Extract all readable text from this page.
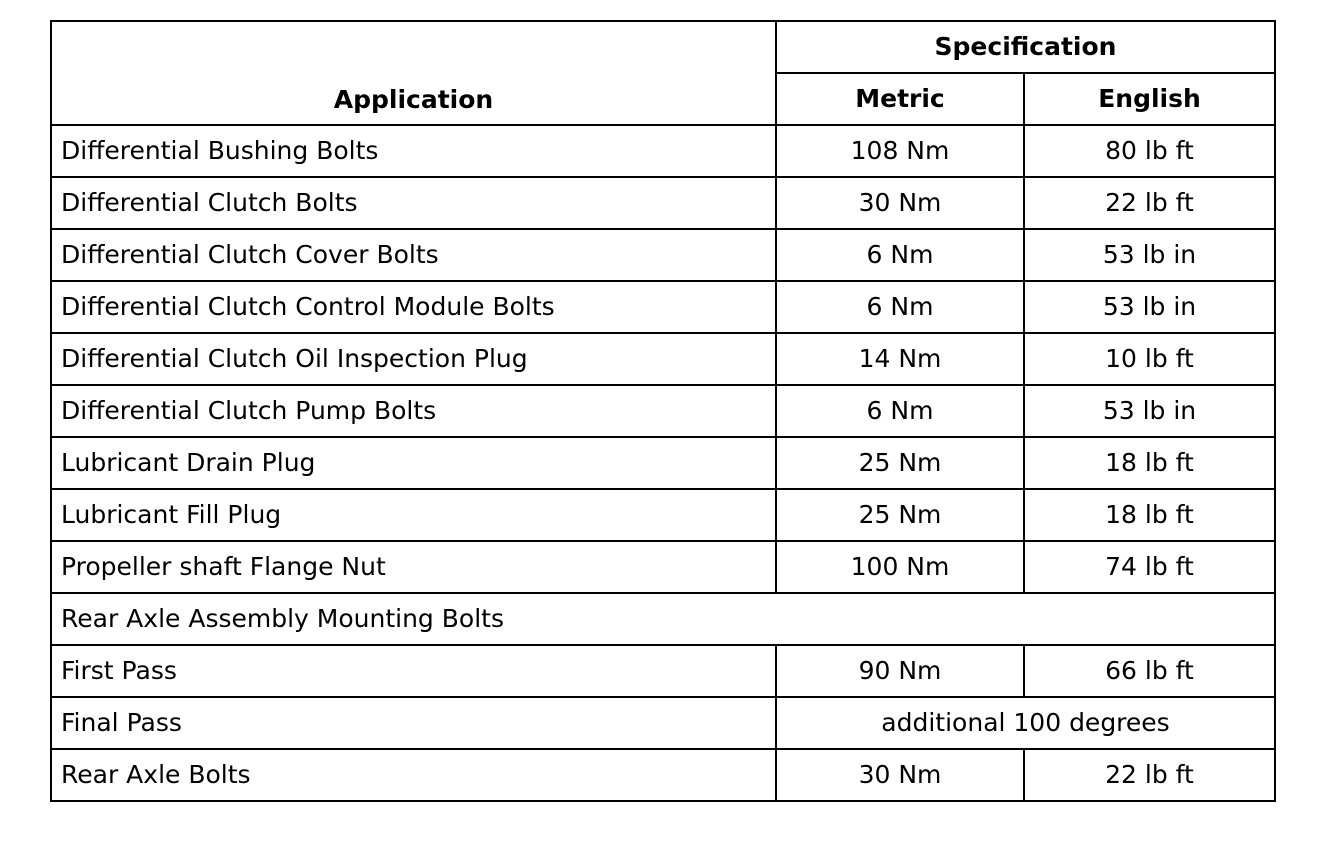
Application	Specification	
	Metric	English
Differential Bushing Bolts	108 Nm	80 lb ft
Differential Clutch Bolts	30 Nm	22 lb ft
Differential Clutch Cover Bolts	6 Nm	53 lb in
Differential Clutch Control Module Bolts	6 Nm	53 lb in
Differential Clutch Oil Inspection Plug	14 Nm	10 lb ft
Differential Clutch Pump Bolts	6 Nm	53 lb in
Lubricant Drain Plug	25 Nm	18 lb ft
Lubricant Fill Plug	25 Nm	18 lb ft
Propeller shaft Flange Nut	100 Nm	74 lb ft
Rear Axle Assembly Mounting Bolts		
First Pass	90 Nm	66 lb ft
Final Pass	additional 100 degrees	
Rear Axle Bolts	30 Nm	22 lb ft
